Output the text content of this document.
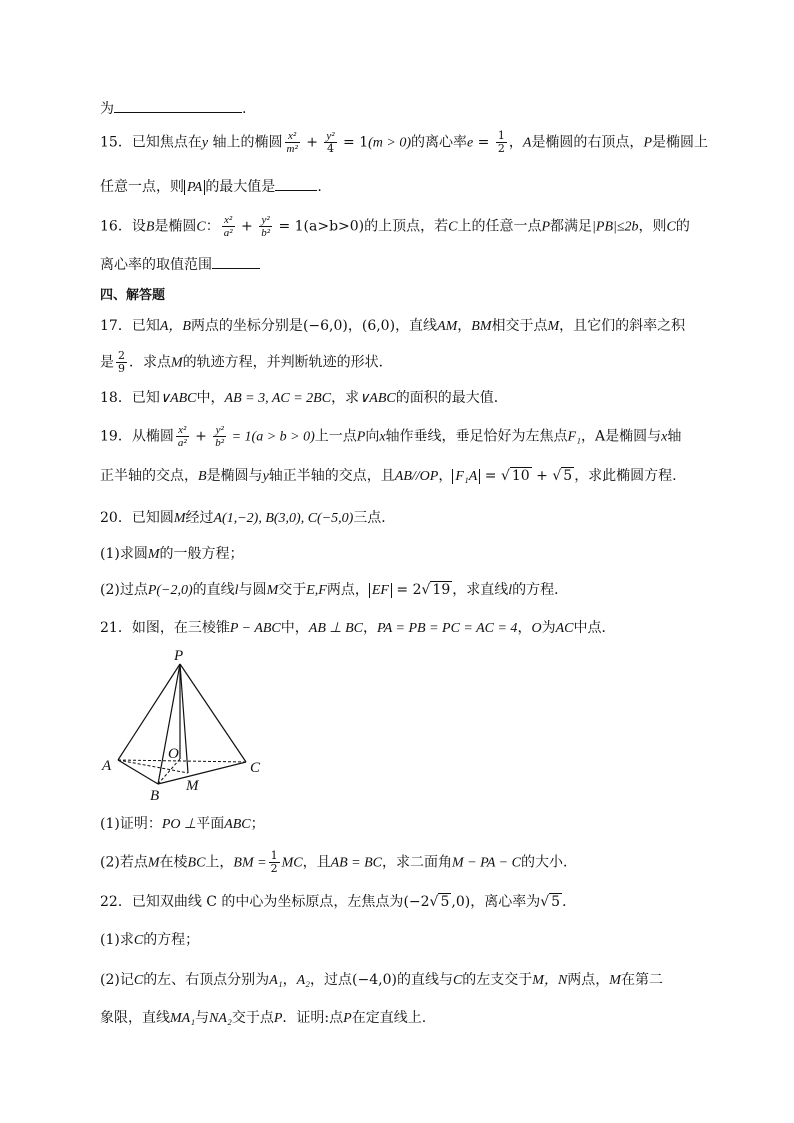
为	.
15．已知焦点在y 轴上的椭圆 $\frac{\text{x²}}{\text{m²}} + \frac{\text{y²}}{4} = 1(m > 0)$的离心率$e = \frac{1}{2}$ ，A是椭圆的右顶点，P是椭圆上
任意一点，则 PA 的最大值是	.
16．设B是椭圆C： $\frac{\text{x²}}{\text{a²}} + \frac{\text{y²}}{\text{b²}} = 1(a>b>0)$的上顶点，若C上的任意一点P都满足|PB|≤2b，则C的
离心率的取值范围
四、解答题
17．已知A，B两点的坐标分别是(−6,0)，(6,0)，直线AM，BM相交于点M，且它们的斜率之积
是 $\frac{2}{9}$ ．求点M的轨迹方程，并判断轨迹的形状．
18．已知∨ABC中，AB = 3, AC = 2BC，求∨ABC的面积的最大值．
19．从椭圆 $\frac{\text{x²}}{\text{a²}} + \frac{\text{y²}}{\text{b²}} = 1(a > b > 0)$上一点P向x轴作垂线，垂足恰好为左焦点F₁，A是椭圆与x轴
正半轴的交点，B是椭圆与y轴正半轴的交点，且AB//OP， F₁A = √ 10 + √ 5 ，求此椭圆方程.
20．已知圆M经过A(1,−2), B(3,0), C(−5,0)三点．
(1)求圆M的一般方程；
(2)过点P(−2,0)的直线l与圆M交于E,F两点， EF = 2√ 19 ，求直线l的方程．
21．如图，在三棱锥P − ABC中，AB ⊥ BC，PA = PB = PC = AC = 4，O为AC中点．
P
A	C
B
O
M
(1)证明：PO ⊥平面ABC；
(2)若点M在棱BC上，BM = $\frac{1}{2}$ MC，且AB = BC，求二面角M − PA − C的大小．
22．已知双曲线 C 的中心为坐标原点，左焦点为(−2√ 5 ,0)，离心率为√ 5 ．
(1)求C的方程；
(2)记C的左、右顶点分别为A₁，A₂，过点(−4,0)的直线与C的左支交于M，N两点，M在第二
象限，直线MA₁与NA₂交于点P．证明:点P在定直线上.
